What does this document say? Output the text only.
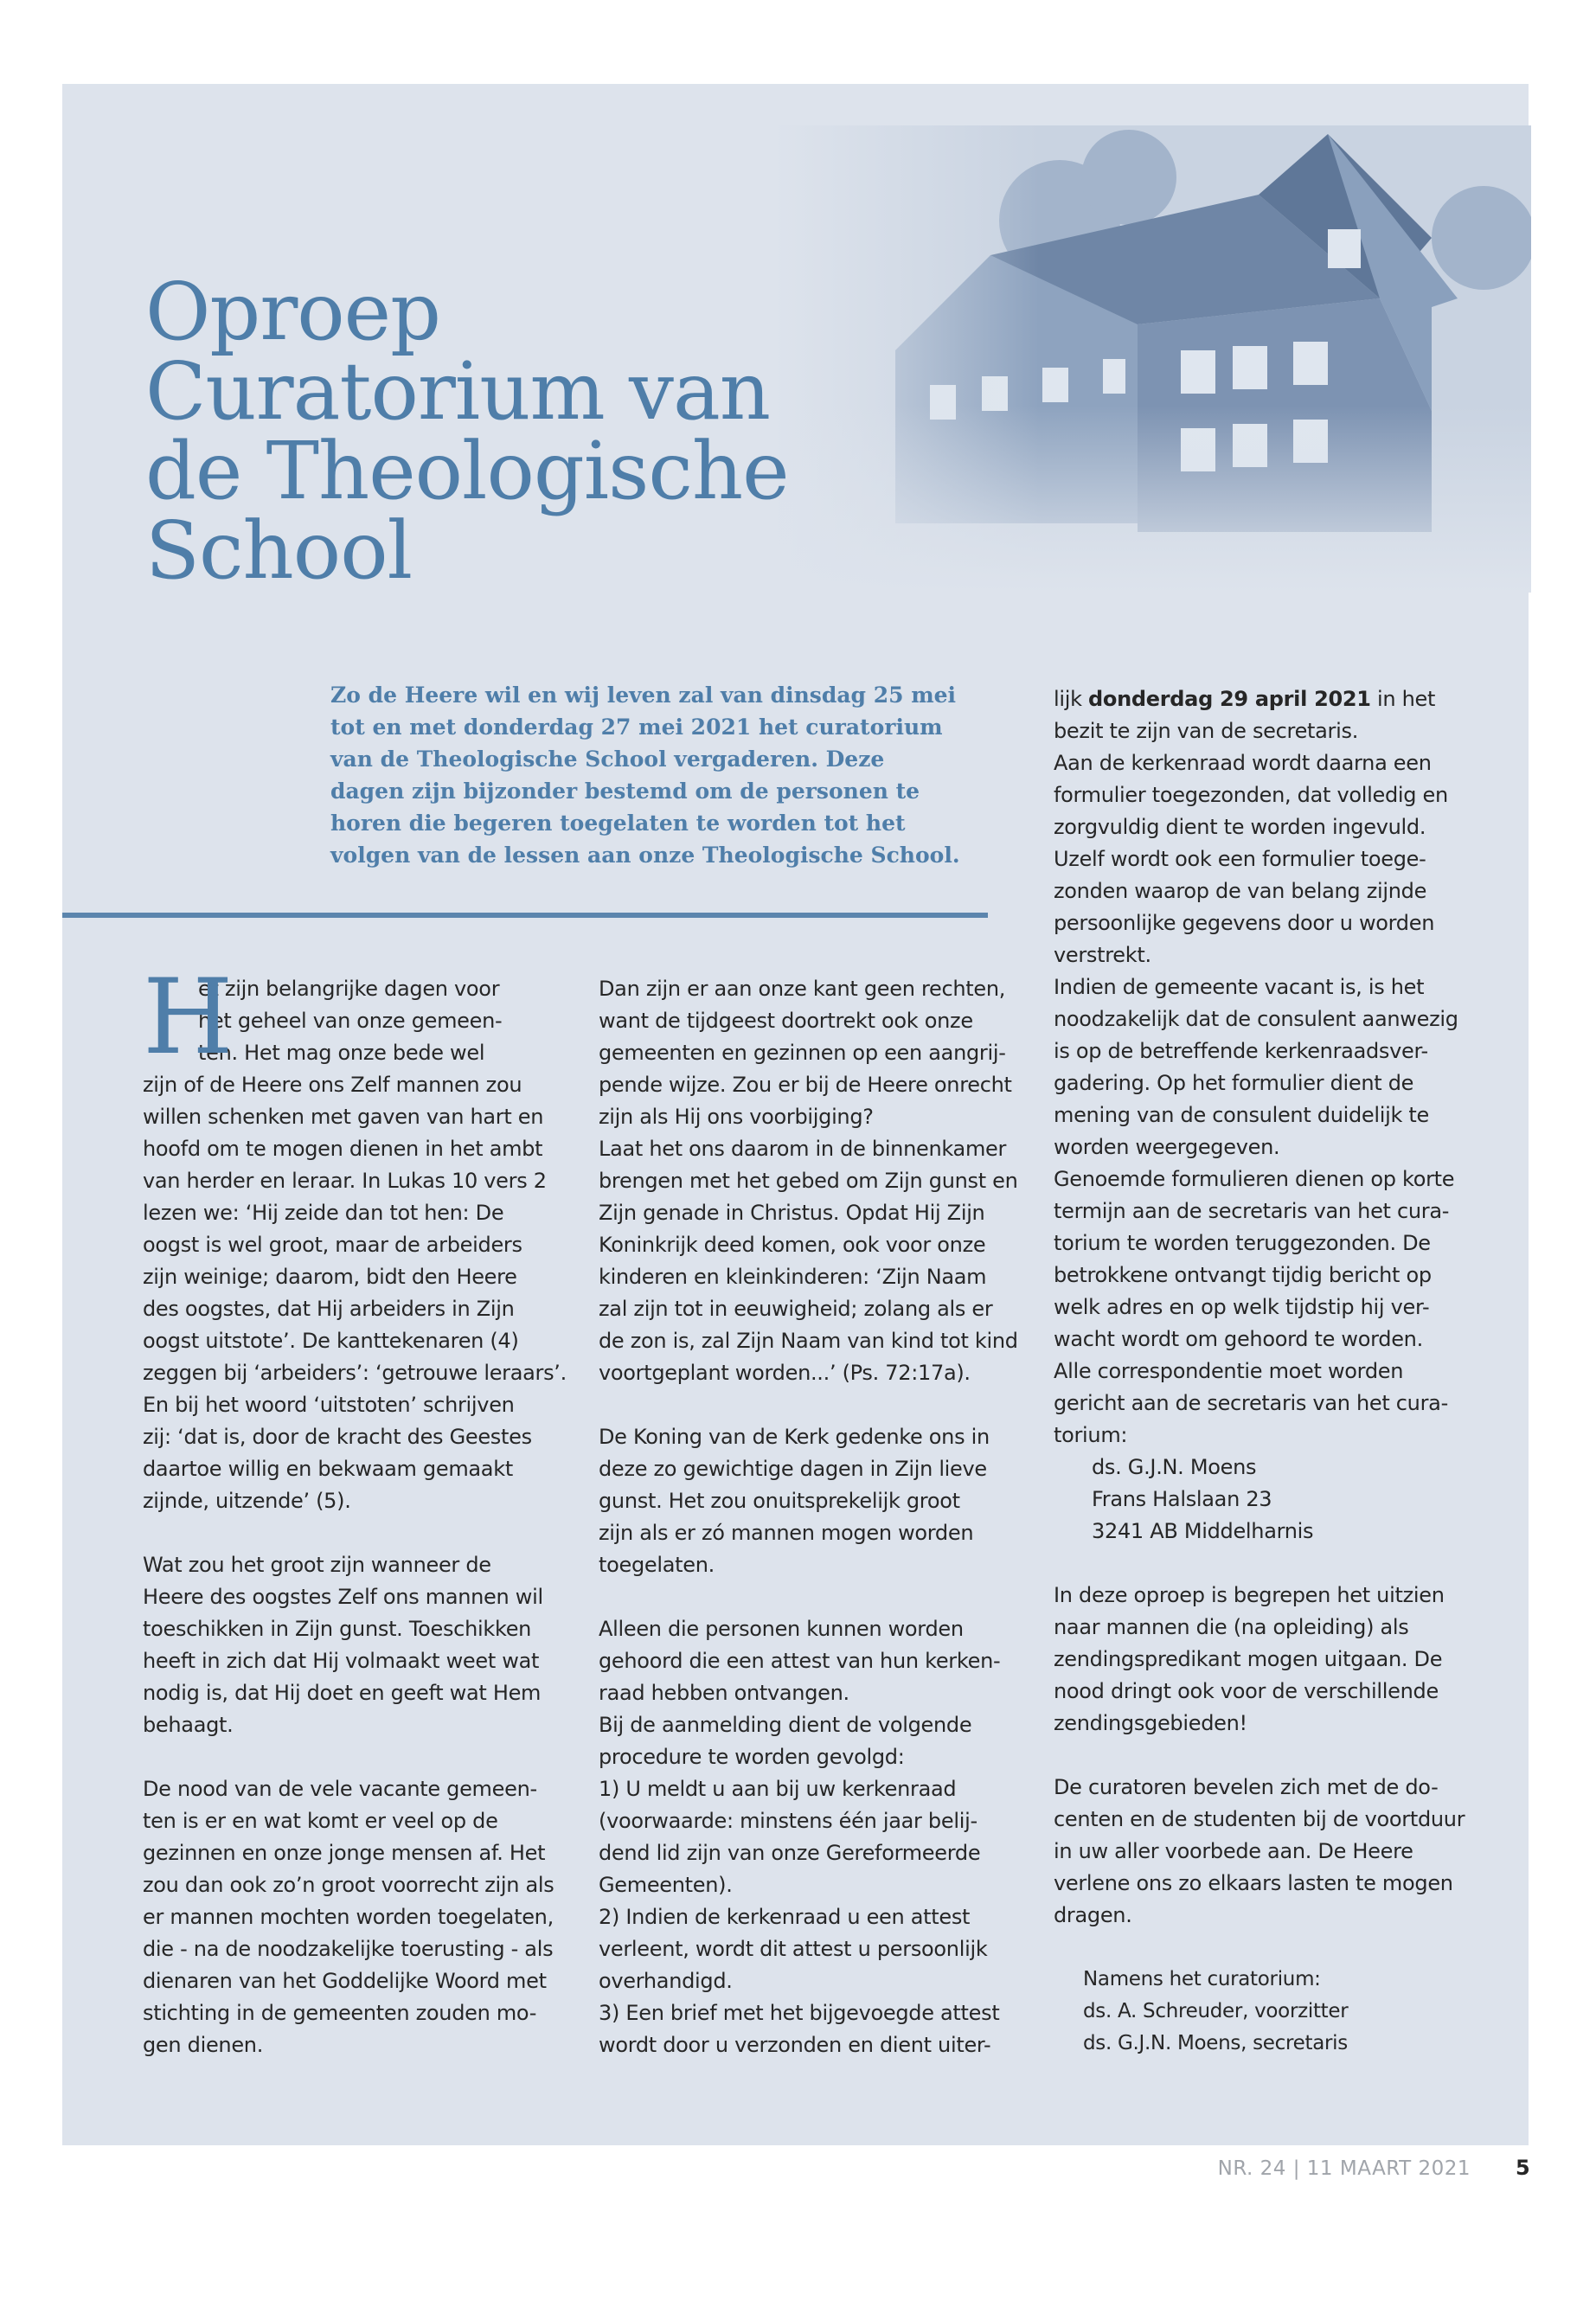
Oproep
Curatorium van
de Theologische
School

Zo de Heere wil en wij leven zal van dinsdag 25 mei
tot en met donderdag 27 mei 2021 het curatorium
van de Theologische School vergaderen. Deze
dagen zijn bijzonder bestemd om de personen te
horen die begeren toegelaten te worden tot het
volgen van de lessen aan onze Theologische School.

H
et zijn belangrijke dagen voor
het geheel van onze gemeen-
ten. Het mag onze bede wel
zijn of de Heere ons Zelf mannen zou
willen schenken met gaven van hart en
hoofd om te mogen dienen in het ambt
van herder en leraar. In Lukas 10 vers 2
lezen we: ‘Hij zeide dan tot hen: De
oogst is wel groot, maar de arbeiders
zijn weinige; daarom, bidt den Heere
des oogstes, dat Hij arbeiders in Zijn
oogst uitstote’. De kanttekenaren (4)
zeggen bij ‘arbeiders’: ‘getrouwe leraars’.
En bij het woord ‘uitstoten’ schrijven
zij: ‘dat is, door de kracht des Geestes
daartoe willig en bekwaam gemaakt
zijnde, uitzende’ (5).
Wat zou het groot zijn wanneer de
Heere des oogstes Zelf ons mannen wil
toeschikken in Zijn gunst. Toeschikken
heeft in zich dat Hij volmaakt weet wat
nodig is, dat Hij doet en geeft wat Hem
behaagt.
De nood van de vele vacante gemeen-
ten is er en wat komt er veel op de
gezinnen en onze jonge mensen af. Het
zou dan ook zo’n groot voorrecht zijn als
er mannen mochten worden toegelaten,
die - na de noodzakelijke toerusting - als
dienaren van het Goddelijke Woord met
stichting in de gemeenten zouden mo-
gen dienen.
Dan zijn er aan onze kant geen rechten,
want de tijdgeest doortrekt ook onze
gemeenten en gezinnen op een aangrij-
pende wijze. Zou er bij de Heere onrecht
zijn als Hij ons voorbijging?
Laat het ons daarom in de binnenkamer
brengen met het gebed om Zijn gunst en
Zijn genade in Christus. Opdat Hij Zijn
Koninkrijk deed komen, ook voor onze
kinderen en kleinkinderen: ‘Zijn Naam
zal zijn tot in eeuwigheid; zolang als er
de zon is, zal Zijn Naam van kind tot kind
voortgeplant worden...’ (Ps. 72:17a).
De Koning van de Kerk gedenke ons in
deze zo gewichtige dagen in Zijn lieve
gunst. Het zou onuitsprekelijk groot
zijn als er zó mannen mogen worden
toegelaten.
Alleen die personen kunnen worden
gehoord die een attest van hun kerken-
raad hebben ontvangen.
Bij de aanmelding dient de volgende
procedure te worden gevolgd:
1) U meldt u aan bij uw kerkenraad
(voorwaarde: minstens één jaar belij-
dend lid zijn van onze Gereformeerde
Gemeenten).
2) Indien de kerkenraad u een attest
verleent, wordt dit attest u persoonlijk
overhandigd.
3) Een brief met het bijgevoegde attest
wordt door u verzonden en dient uiter-
lijk donderdag 29 april 2021 in het
bezit te zijn van de secretaris.
Aan de kerkenraad wordt daarna een
formulier toegezonden, dat volledig en
zorgvuldig dient te worden ingevuld.
Uzelf wordt ook een formulier toege-
zonden waarop de van belang zijnde
persoonlijke gegevens door u worden
verstrekt.
Indien de gemeente vacant is, is het
noodzakelijk dat de consulent aanwezig
is op de betreffende kerkenraadsver-
gadering. Op het formulier dient de
mening van de consulent duidelijk te
worden weergegeven.
Genoemde formulieren dienen op korte
termijn aan de secretaris van het cura-
torium te worden teruggezonden. De
betrokkene ontvangt tijdig bericht op
welk adres en op welk tijdstip hij ver-
wacht wordt om gehoord te worden.
Alle correspondentie moet worden
gericht aan de secretaris van het cura-
torium:
ds. G.J.N. Moens
Frans Halslaan 23
3241 AB Middelharnis
In deze oproep is begrepen het uitzien
naar mannen die (na opleiding) als
zendingspredikant mogen uitgaan. De
nood dringt ook voor de verschillende
zendingsgebieden!
De curatoren bevelen zich met de do-
centen en de studenten bij de voortduur
in uw aller voorbede aan. De Heere
verlene ons zo elkaars lasten te mogen
dragen.
Namens het curatorium:
ds. A. Schreuder, voorzitter
ds. G.J.N. Moens, secretaris
NR. 24 | 11 MAART 2021 5
